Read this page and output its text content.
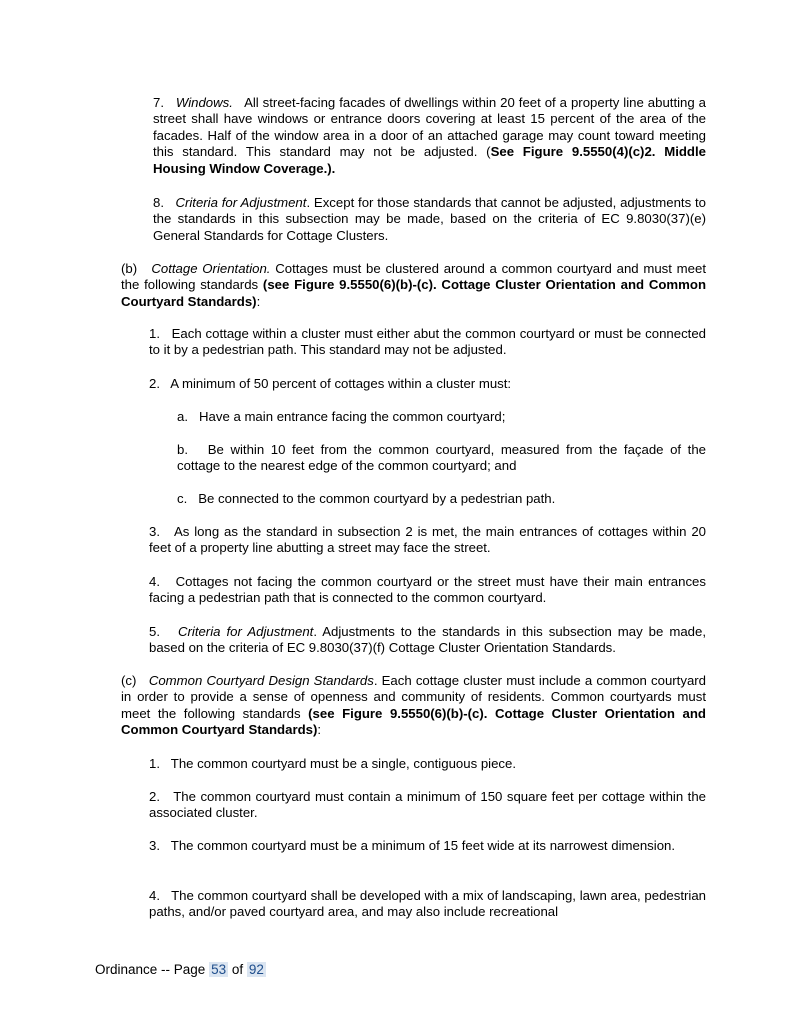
7. Windows. All street-facing facades of dwellings within 20 feet of a property line abutting a street shall have windows or entrance doors covering at least 15 percent of the area of the facades. Half of the window area in a door of an attached garage may count toward meeting this standard. This standard may not be adjusted. (See Figure 9.5550(4)(c)2. Middle Housing Window Coverage.).

8. Criteria for Adjustment. Except for those standards that cannot be adjusted, adjustments to the standards in this subsection may be made, based on the criteria of EC 9.8030(37)(e) General Standards for Cottage Clusters.

(b) Cottage Orientation. Cottages must be clustered around a common courtyard and must meet the following standards (see Figure 9.5550(6)(b)-(c). Cottage Cluster Orientation and Common Courtyard Standards):

1. Each cottage within a cluster must either abut the common courtyard or must be connected to it by a pedestrian path. This standard may not be adjusted.

2. A minimum of 50 percent of cottages within a cluster must:

a. Have a main entrance facing the common courtyard;

b. Be within 10 feet from the common courtyard, measured from the façade of the cottage to the nearest edge of the common courtyard; and

c. Be connected to the common courtyard by a pedestrian path.

3. As long as the standard in subsection 2 is met, the main entrances of cottages within 20 feet of a property line abutting a street may face the street.

4. Cottages not facing the common courtyard or the street must have their main entrances facing a pedestrian path that is connected to the common courtyard.

5. Criteria for Adjustment. Adjustments to the standards in this subsection may be made, based on the criteria of EC 9.8030(37)(f) Cottage Cluster Orientation Standards.

(c) Common Courtyard Design Standards. Each cottage cluster must include a common courtyard in order to provide a sense of openness and community of residents. Common courtyards must meet the following standards (see Figure 9.5550(6)(b)-(c). Cottage Cluster Orientation and Common Courtyard Standards):

1. The common courtyard must be a single, contiguous piece.

2. The common courtyard must contain a minimum of 150 square feet per cottage within the associated cluster.

3. The common courtyard must be a minimum of 15 feet wide at its narrowest dimension.

4. The common courtyard shall be developed with a mix of landscaping, lawn area, pedestrian paths, and/or paved courtyard area, and may also include recreational

Ordinance -- Page 53 of 92
